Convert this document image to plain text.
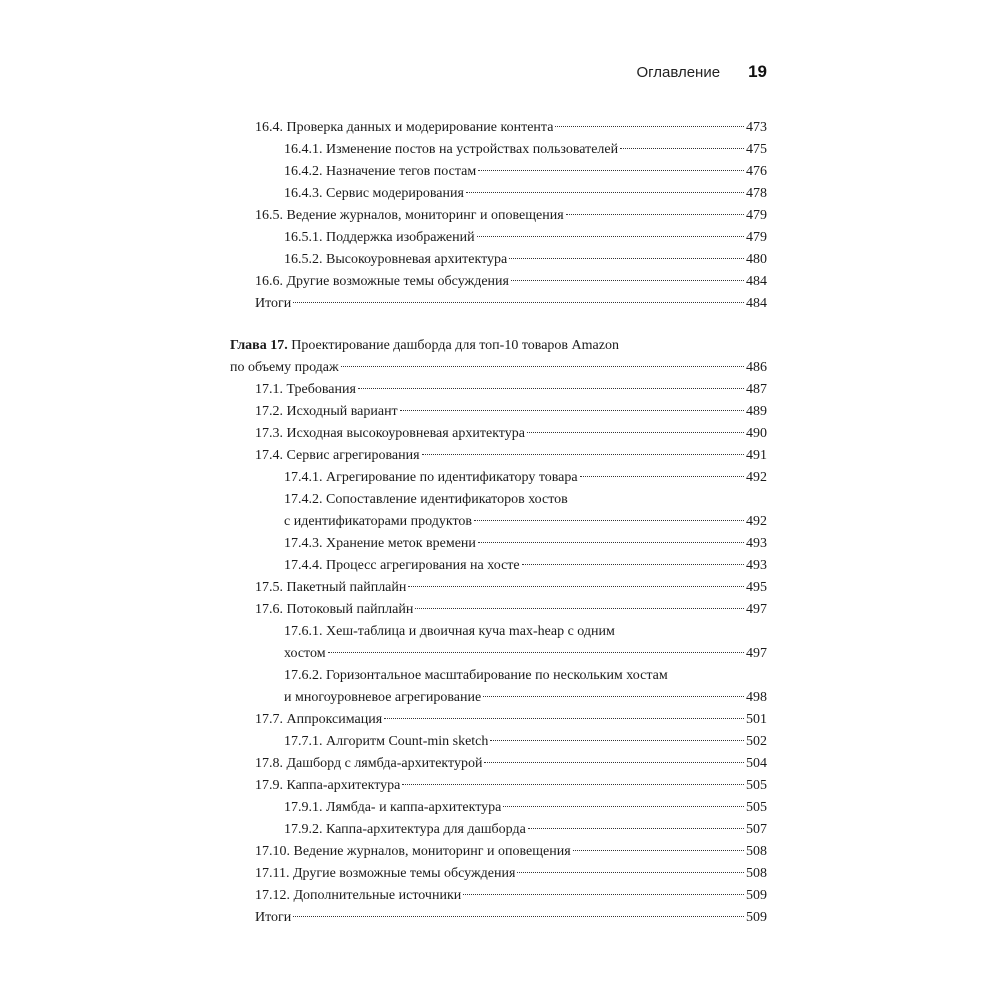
Оглавление 19
16.4. Проверка данных и модерирование контента	473
16.4.1. Изменение постов на устройствах пользователей	475
16.4.2. Назначение тегов постам	476
16.4.3. Сервис модерирования	478
16.5. Ведение журналов, мониторинг и оповещения	479
16.5.1. Поддержка изображений	479
16.5.2. Высокоуровневая архитектура	480
16.6. Другие возможные темы обсуждения	484
Итоги	484
Глава 17. Проектирование дашборда для топ-10 товаров Amazon
по объему продаж	486
17.1. Требования	487
17.2. Исходный вариант	489
17.3. Исходная высокоуровневая архитектура	490
17.4. Сервис агрегирования	491
17.4.1. Агрегирование по идентификатору товара	492
17.4.2. Сопоставление идентификаторов хостов
с идентификаторами продуктов	492
17.4.3. Хранение меток времени	493
17.4.4. Процесс агрегирования на хосте	493
17.5. Пакетный пайплайн	495
17.6. Потоковый пайплайн	497
17.6.1. Хеш-таблица и двоичная куча max-heap с одним
хостом	497
17.6.2. Горизонтальное масштабирование по нескольким хостам
и многоуровневое агрегирование	498
17.7. Аппроксимация	501
17.7.1. Алгоритм Count-min sketch	502
17.8. Дашборд с лямбда-архитектурой	504
17.9. Каппа-архитектура	505
17.9.1. Лямбда- и каппа-архитектура	505
17.9.2. Каппа-архитектура для дашборда	507
17.10. Ведение журналов, мониторинг и оповещения	508
17.11. Другие возможные темы обсуждения	508
17.12. Дополнительные источники	509
Итоги	509
